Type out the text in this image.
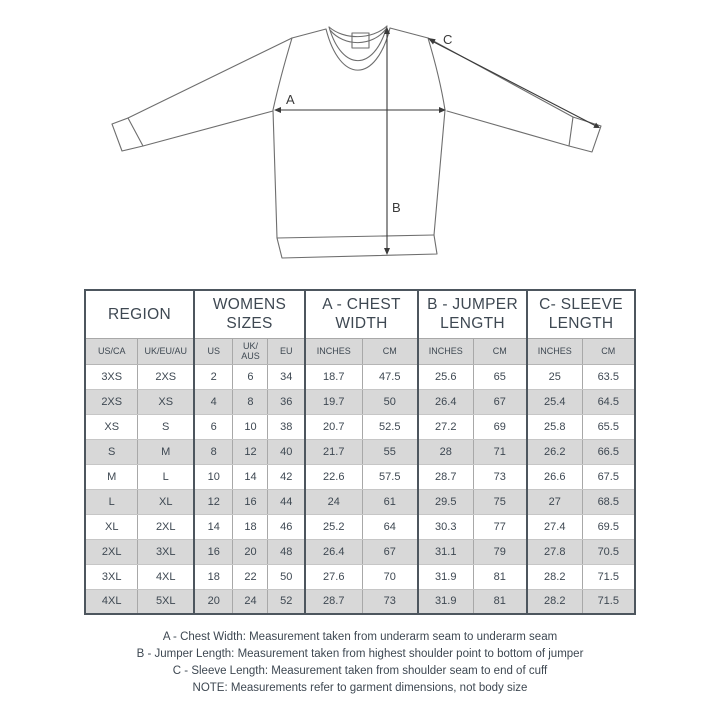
A
B
C
REGION		WOMENS SIZES			A - CHEST WIDTH		B - JUMPER LENGTH		C- SLEEVE LENGTH	
US/CA	UK/EU/AU	US	UK/ AUS	EU	INCHES	CM	INCHES	CM	INCHES	CM
3XS	2XS	2	6	34	18.7	47.5	25.6	65	25	63.5
2XS	XS	4	8	36	19.7	50	26.4	67	25.4	64.5
XS	S	6	10	38	20.7	52.5	27.2	69	25.8	65.5
S	M	8	12	40	21.7	55	28	71	26.2	66.5
M	L	10	14	42	22.6	57.5	28.7	73	26.6	67.5
L	XL	12	16	44	24	61	29.5	75	27	68.5
XL	2XL	14	18	46	25.2	64	30.3	77	27.4	69.5
2XL	3XL	16	20	48	26.4	67	31.1	79	27.8	70.5
3XL	4XL	18	22	50	27.6	70	31.9	81	28.2	71.5
4XL	5XL	20	24	52	28.7	73	31.9	81	28.2	71.5
A - Chest Width: Measurement taken from underarm seam to underarm seam
B - Jumper Length: Measurement taken from highest shoulder point to bottom of jumper
C - Sleeve Length: Measurement taken from shoulder seam to end of cuff
NOTE: Measurements refer to garment dimensions, not body size
